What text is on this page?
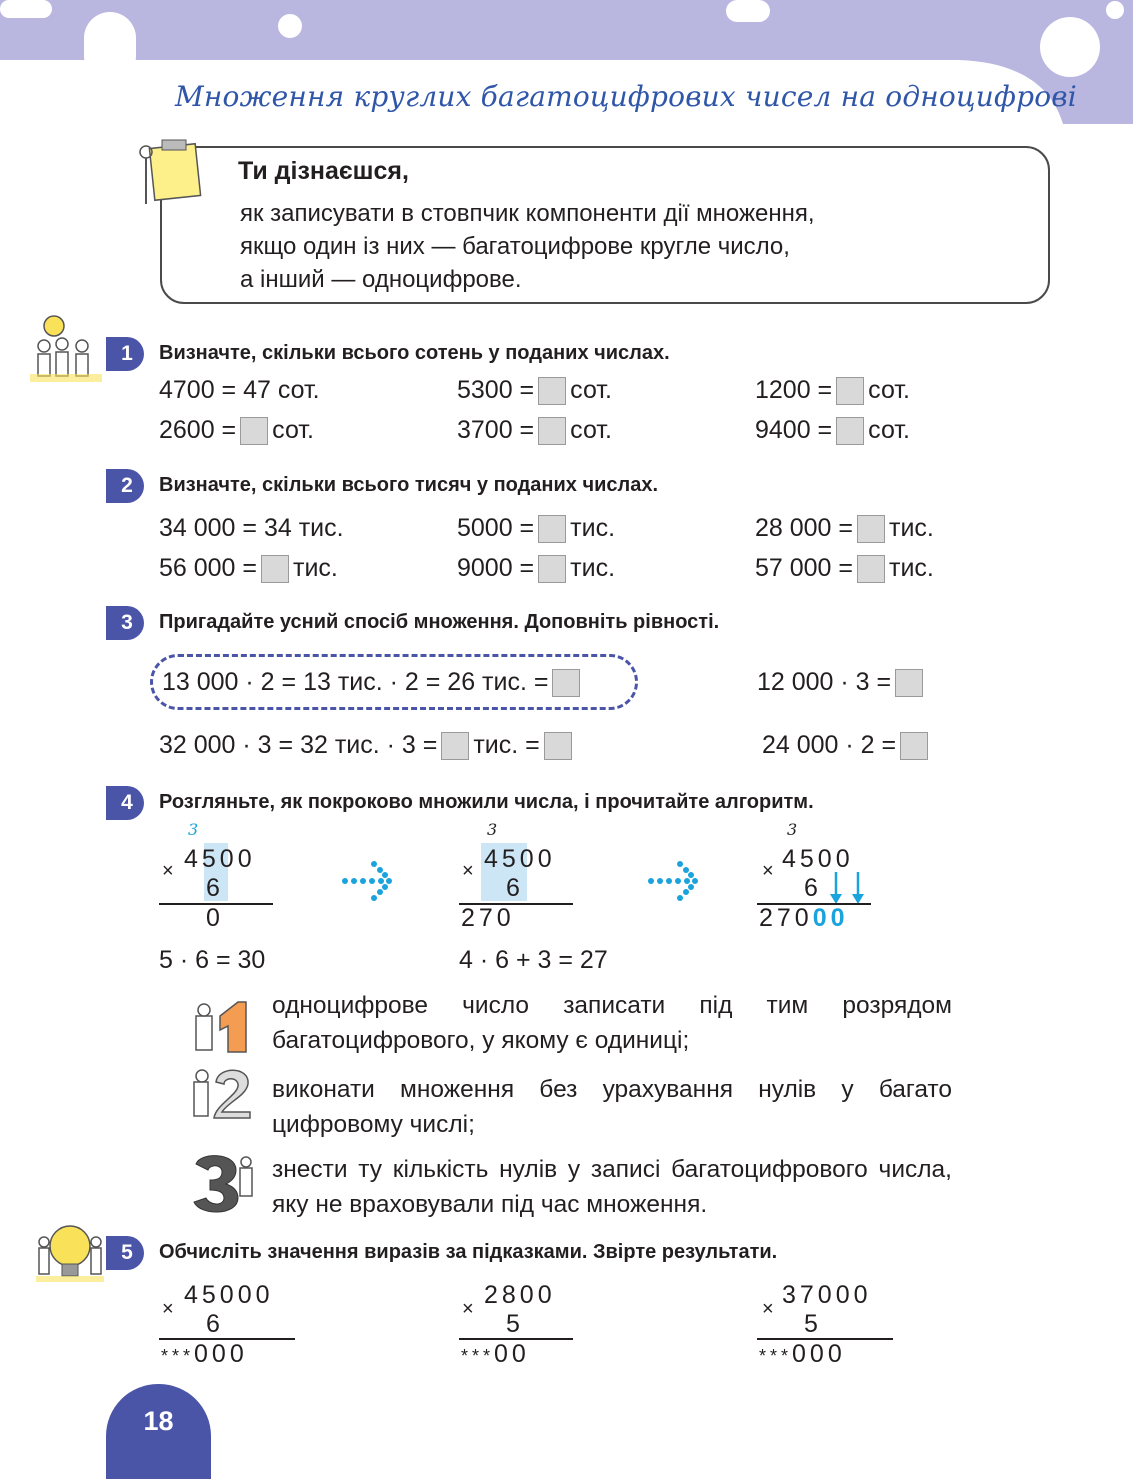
Множення круглих багатоцифрових чисел на одноцифрові
Ти дізнаєшся,
як записувати в стовпчик компоненти дії множення,
якщо один із них — багатоцифрове кругле число,
а інший — одноцифрове.
1	Визначте, скільки всього сотень у поданих числах.
4700 = 47 сот.	5300 = сот.	1200 = сот.
2600 = сот.	3700 = сот.	9400 = сот.
2	Визначте, скільки всього тисяч у поданих числах.
34 000 = 34 тис.	5000 = тис.	28 000 = тис.
56 000 = тис.	9000 = тис.	57 000 = тис.
3	Пригадайте усний спосіб множення. Доповніть рівності.
13 000 · 2 = 13 тис. · 2 = 26 тис. =	12 000 · 3 =
32 000 · 3 = 32 тис. · 3 = тис. =	24 000 · 2 =
4	Розгляньте, як покроково множили числа, і прочитайте алгоритм.
3
× 4500
6
0
5 · 6 = 30
3
× 4500
6
270
4 · 6 + 3 = 27
3
× 4500
6
27000
одноцифрове число записати під тим розрядом багатоцифрового, у якому є одиниці;
виконати множення без урахування нулів у багато цифровому числі;
знести ту кількість нулів у записі багатоцифрового числа, яку не враховували під час множення.
5	Обчисліть значення виразів за підказками. Звірте результати.
× 45000
6
***000
× 2800
5
***00
× 37000
5
***000
18
